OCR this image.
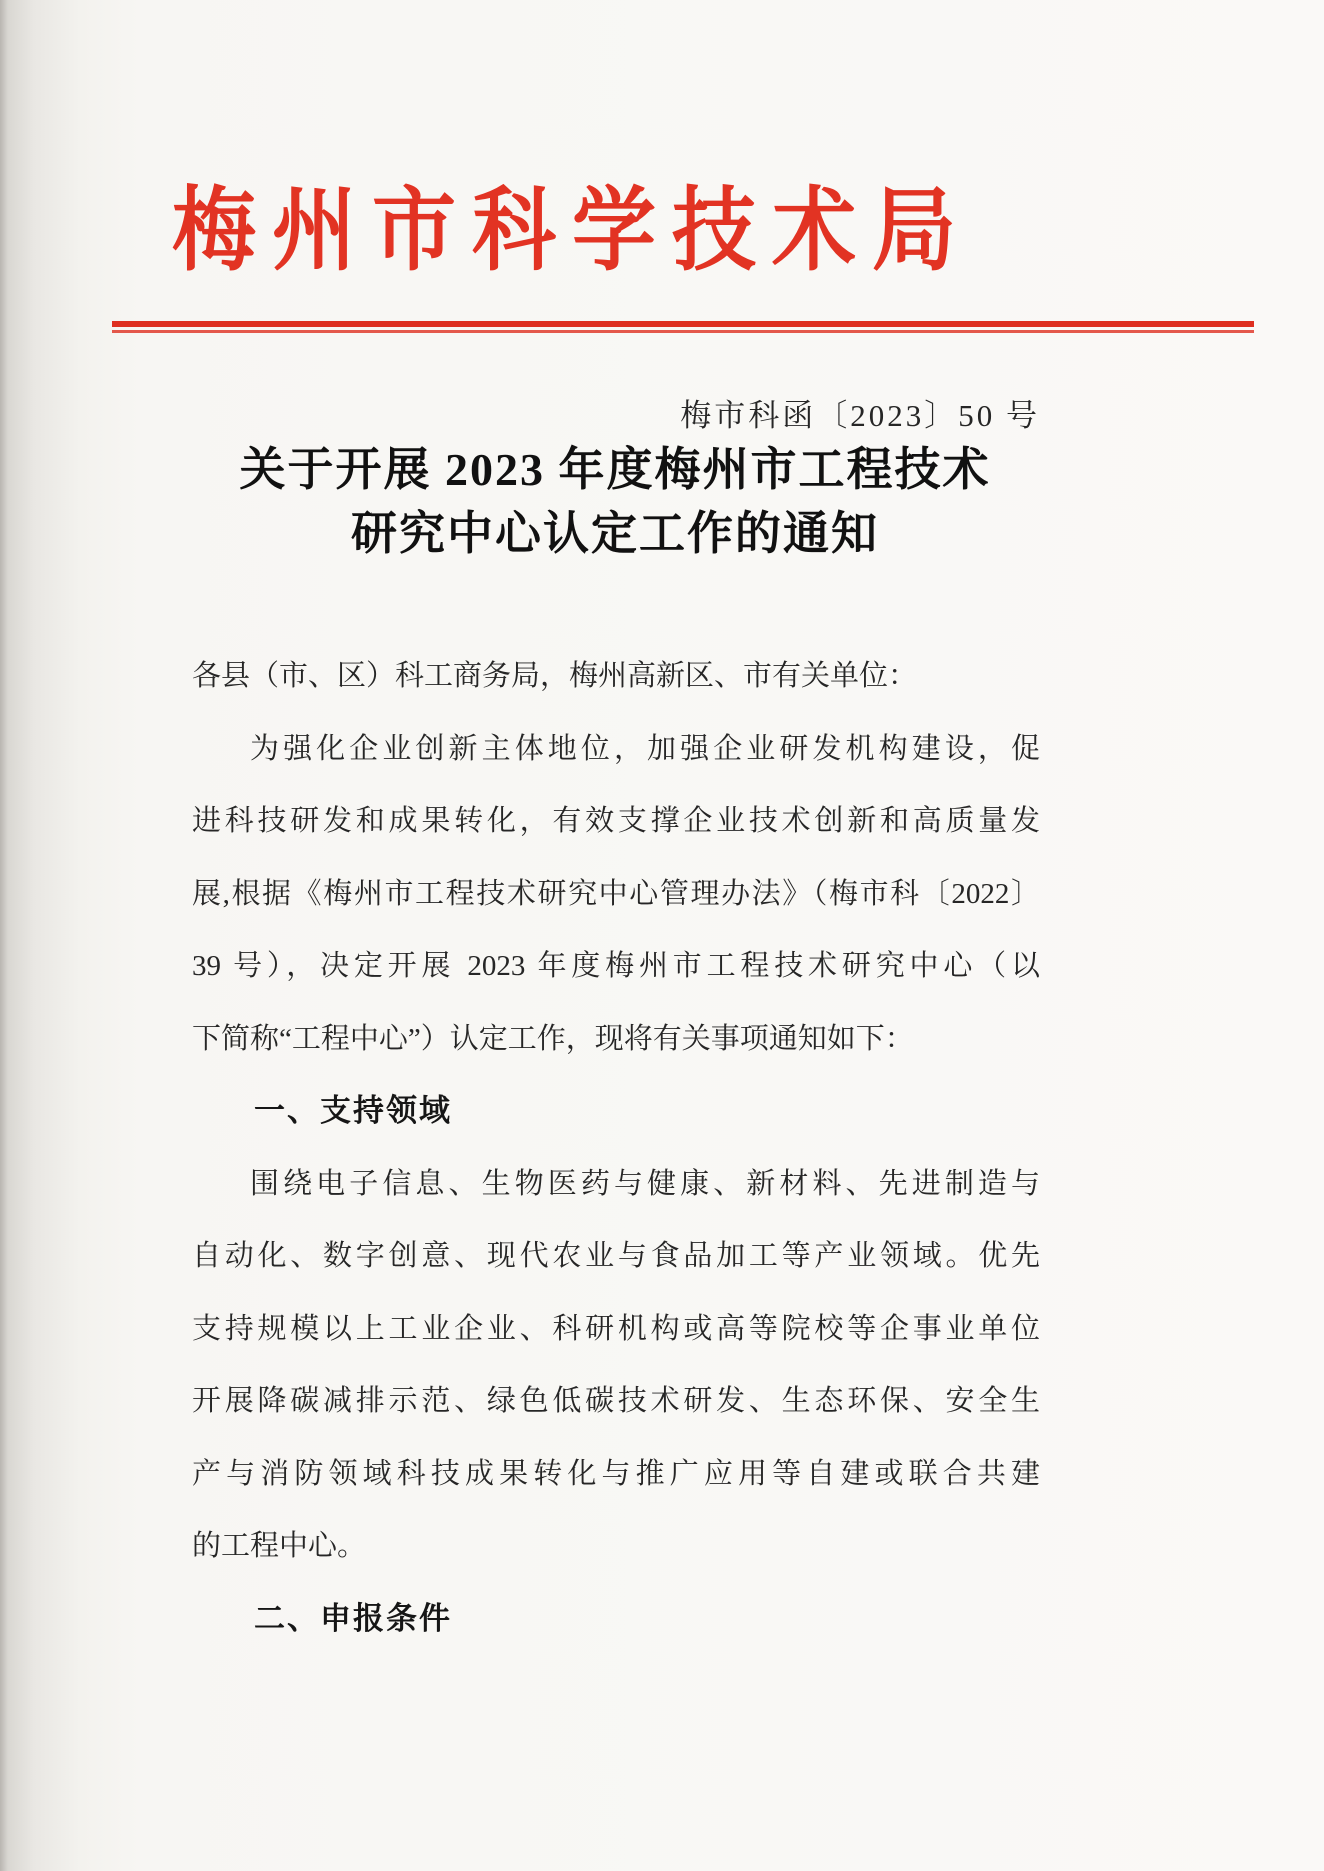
梅州市科学技术局
梅市科函〔2023〕50 号
关于开展 2023 年度梅州市工程技术
研究中心认定工作的通知
各县（市、区）科工商务局，梅州高新区、市有关单位：
为强化企业创新主体地位，加强企业研发机构建设，促
进科技研发和成果转化，有效支撑企业技术创新和高质量发
展,根据《梅州市工程技术研究中心管理办法》（梅市科〔2022〕
39 号），决定开展 2023 年度梅州市工程技术研究中心（以
下简称“工程中心”）认定工作，现将有关事项通知如下：
一、支持领域
围绕电子信息、生物医药与健康、新材料、先进制造与
自动化、数字创意、现代农业与食品加工等产业领域。优先
支持规模以上工业企业、科研机构或高等院校等企事业单位
开展降碳减排示范、绿色低碳技术研发、生态环保、安全生
产与消防领域科技成果转化与推广应用等自建或联合共建
的工程中心。
二、申报条件
